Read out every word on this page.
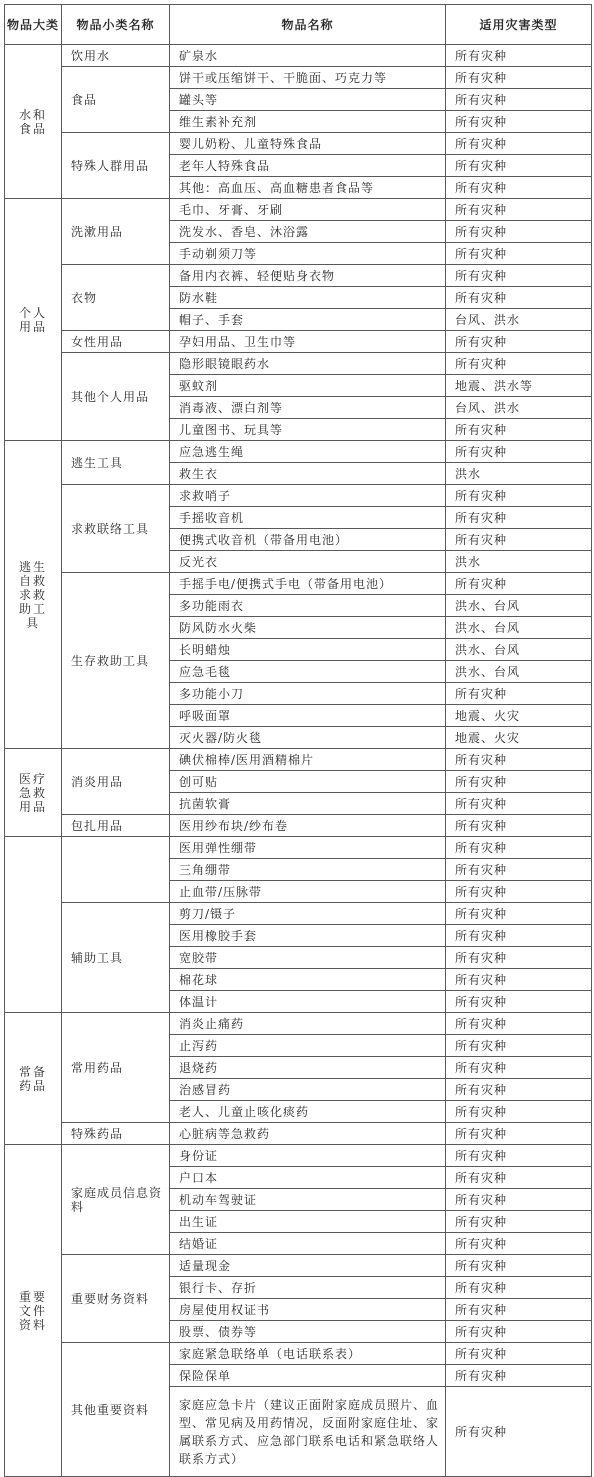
物品大类	物品小类名称	物品名称	适用灾害类型
水和食品	饮用水	矿泉水	所有灾种
	食品	饼干或压缩饼干、干脆面、巧克力等	所有灾种
		罐头等	所有灾种
		维生素补充剂	所有灾种
	特殊人群用品	婴儿奶粉、儿童特殊食品	所有灾种
		老年人特殊食品	所有灾种
		其他：高血压、高血糖患者食品等	所有灾种
个人用品	洗漱用品	毛巾、牙膏、牙刷	所有灾种
		洗发水、香皂、沐浴露	所有灾种
		手动剃须刀等	所有灾种
	衣物	备用内衣裤、轻便贴身衣物	所有灾种
		防水鞋	所有灾种
		帽子、手套	台风、洪水
	女性用品	孕妇用品、卫生巾等	所有灾种
	其他个人用品	隐形眼镜眼药水	所有灾种
		驱蚊剂	地震、洪水等
		消毒液、漂白剂等	台风、洪水
		儿童图书、玩具等	所有灾种
逃生自救求救助工具	逃生工具	应急逃生绳	所有灾种
		救生衣	洪水
	求救联络工具	求救哨子	所有灾种
		手摇收音机	所有灾种
		便携式收音机（带备用电池）	所有灾种
		反光衣	洪水
	生存救助工具	手摇手电/便携式手电（带备用电池）	所有灾种
		多功能雨衣	洪水、台风
		防风防水火柴	洪水、台风
		长明蜡烛	洪水、台风
		应急毛毯	洪水、台风
		多功能小刀	所有灾种
		呼吸面罩	地震、火灾
		灭火器/防火毯	地震、火灾
医疗急救用品	消炎用品	碘伏棉棒/医用酒精棉片	所有灾种
		创可贴	所有灾种
		抗菌软膏	所有灾种
	包扎用品	医用纱布块/纱布卷	所有灾种
		医用弹性绷带	所有灾种
		三角绷带	所有灾种
		止血带/压脉带	所有灾种
	辅助工具	剪刀/镊子	所有灾种
		医用橡胶手套	所有灾种
		宽胶带	所有灾种
		棉花球	所有灾种
		体温计	所有灾种
常备药品	常用药品	消炎止痛药	所有灾种
		止泻药	所有灾种
		退烧药	所有灾种
		治感冒药	所有灾种
		老人、儿童止咳化痰药	所有灾种
	特殊药品	心脏病等急救药	所有灾种
重要文件资料	家庭成员信息资料	身份证	所有灾种
		户口本	所有灾种
		机动车驾驶证	所有灾种
		出生证	所有灾种
		结婚证	所有灾种
	重要财务资料	适量现金	所有灾种
		银行卡、存折	所有灾种
		房屋使用权证书	所有灾种
		股票、债券等	所有灾种
	其他重要资料	家庭紧急联络单（电话联系表）	所有灾种
		保险保单	所有灾种
		家庭应急卡片（建议正面附家庭成员照片、血型、常见病及用药情况，反面附家庭住址、家属联系方式、应急部门联系电话和紧急联络人联系方式）	所有灾种
